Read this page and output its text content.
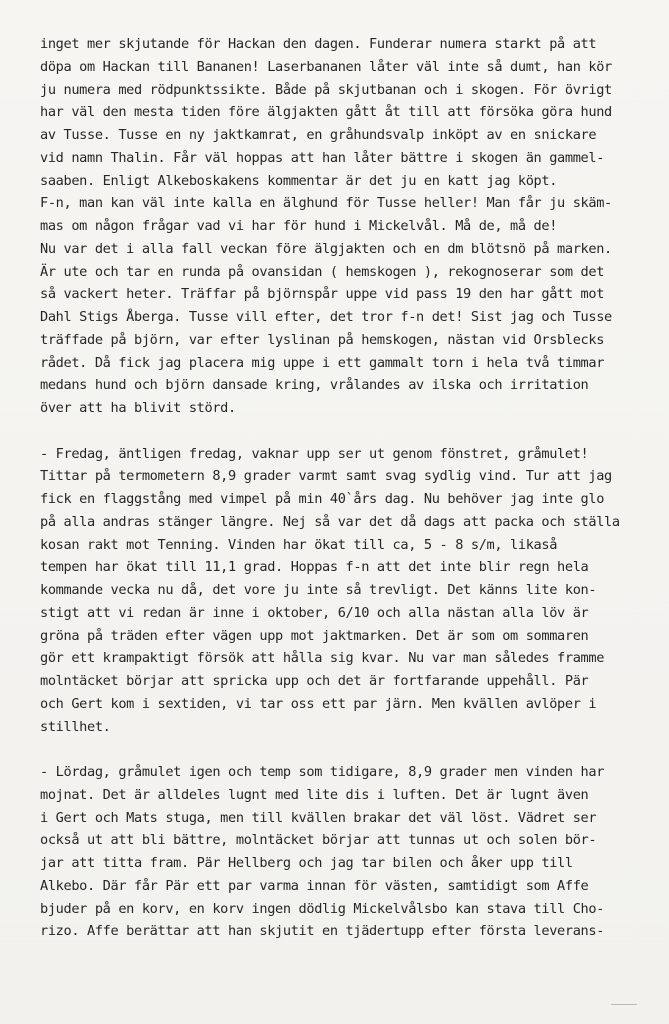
inget mer skjutande för Hackan den dagen. Funderar numera starkt på att
döpa om Hackan till Bananen! Laserbananen låter väl inte så dumt, han kör
ju numera med rödpunktssikte. Både på skjutbanan och i skogen. För övrigt
har väl den mesta tiden före älgjakten gått åt till att försöka göra hund
av Tusse. Tusse en ny jaktkamrat, en gråhundsvalp inköpt av en snickare
vid namn Thalin. Får väl hoppas att han låter bättre i skogen än gammel-
saaben. Enligt Alkeboskakens kommentar är det ju en katt jag köpt.
F-n, man kan väl inte kalla en älghund för Tusse heller! Man får ju skäm-
mas om någon frågar vad vi har för hund i Mickelvål. Må de, må de!
Nu var det i alla fall veckan före älgjakten och en dm blötsnö på marken.
Är ute och tar en runda på ovansidan ( hemskogen ), rekognoserar som det
så vackert heter. Träffar på björnspår uppe vid pass 19 den har gått mot
Dahl Stigs Åberga. Tusse vill efter, det tror f-n det! Sist jag och Tusse
träffade på björn, var efter lyslinan på hemskogen, nästan vid Orsblecks
rådet. Då fick jag placera mig uppe i ett gammalt torn i hela två timmar
medans hund och björn dansade kring, vrålandes av ilska och irritation
över att ha blivit störd.
- Fredag, äntligen fredag, vaknar upp ser ut genom fönstret, gråmulet!
Tittar på termometern 8,9 grader varmt samt svag sydlig vind. Tur att jag
fick en flaggstång med vimpel på min 40`års dag. Nu behöver jag inte glo
på alla andras stänger längre. Nej så var det då dags att packa och ställa
kosan rakt mot Tenning. Vinden har ökat till ca, 5 - 8 s/m, likaså
tempen har ökat till 11,1 grad. Hoppas f-n att det inte blir regn hela
kommande vecka nu då, det vore ju inte så trevligt. Det känns lite kon-
stigt att vi redan är inne i oktober, 6/10 och alla nästan alla löv är
gröna på träden efter vägen upp mot jaktmarken. Det är som om sommaren
gör ett krampaktigt försök att hålla sig kvar. Nu var man således framme
molntäcket börjar att spricka upp och det är fortfarande uppehåll. Pär
och Gert kom i sextiden, vi tar oss ett par järn. Men kvällen avlöper i
stillhet.
- Lördag, gråmulet igen och temp som tidigare, 8,9 grader men vinden har
mojnat. Det är alldeles lugnt med lite dis i luften. Det är lugnt även
i Gert och Mats stuga, men till kvällen brakar det väl löst. Vädret ser
också ut att bli bättre, molntäcket börjar att tunnas ut och solen bör-
jar att titta fram. Pär Hellberg och jag tar bilen och åker upp till
Alkebo. Där får Pär ett par varma innan för västen, samtidigt som Affe
bjuder på en korv, en korv ingen dödlig Mickelvålsbo kan stava till Cho-
rizo. Affe berättar att han skjutit en tjädertupp efter första leverans-
